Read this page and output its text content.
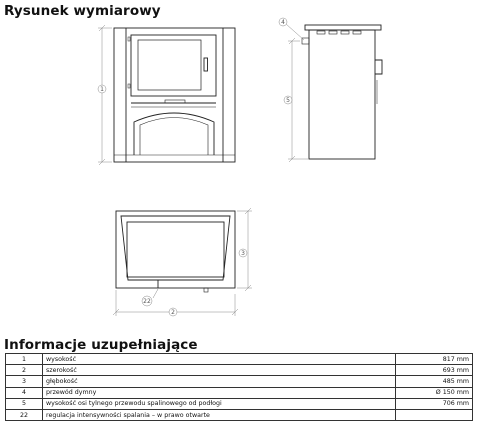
Rysunek wymiarowy
1
4
5
3
2
22
Informacje uzupełniające
1	wysokość	817 mm
2	szerokość	693 mm
3	głębokość	485 mm
4	przewód dymny	Ø 150 mm
5	wysokość osi tylnego przewodu spalinowego od podłogi	706 mm
22	regulacja intensywności spalania – w prawo otwarte	
